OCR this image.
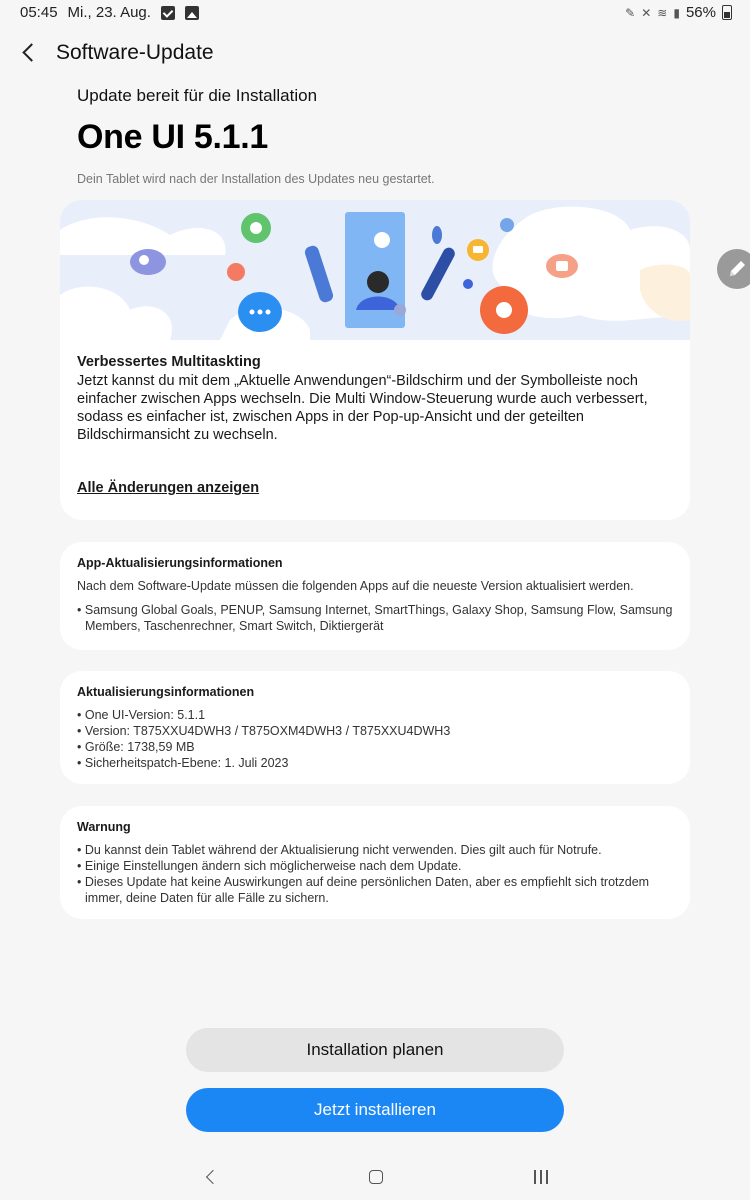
05:45 Mi., 23. Aug.	✎ ✕ ≋ ▮ 56%
Software-Update
Update bereit für die Installation
One UI 5.1.1
Dein Tablet wird nach der Installation des Updates neu gestartet.
Verbessertes Multitaskting
Jetzt kannst du mit dem „Aktuelle Anwendungen“-Bildschirm und der Symbolleiste noch einfacher zwischen Apps wechseln. Die Multi Window-Steuerung wurde auch verbessert, sodass es einfacher ist, zwischen Apps in der Pop-up-Ansicht und der geteilten Bildschirmansicht zu wechseln.
Alle Änderungen anzeigen
App-Aktualisierungsinformationen
Nach dem Software-Update müssen die folgenden Apps auf die neueste Version aktualisiert werden.
• Samsung Global Goals, PENUP, Samsung Internet, SmartThings, Galaxy Shop, Samsung Flow, Samsung Members, Taschenrechner, Smart Switch, Diktiergerät
Aktualisierungsinformationen
• One UI-Version: 5.1.1
• Version: T875XXU4DWH3 / T875OXM4DWH3 / T875XXU4DWH3
• Größe: 1738,59 MB
• Sicherheitspatch-Ebene: 1. Juli 2023
Warnung
• Du kannst dein Tablet während der Aktualisierung nicht verwenden. Dies gilt auch für Notrufe.
• Einige Einstellungen ändern sich möglicherweise nach dem Update.
• Dieses Update hat keine Auswirkungen auf deine persönlichen Daten, aber es empfiehlt sich trotzdem immer, deine Daten für alle Fälle zu sichern.
Installation planen
Jetzt installieren
